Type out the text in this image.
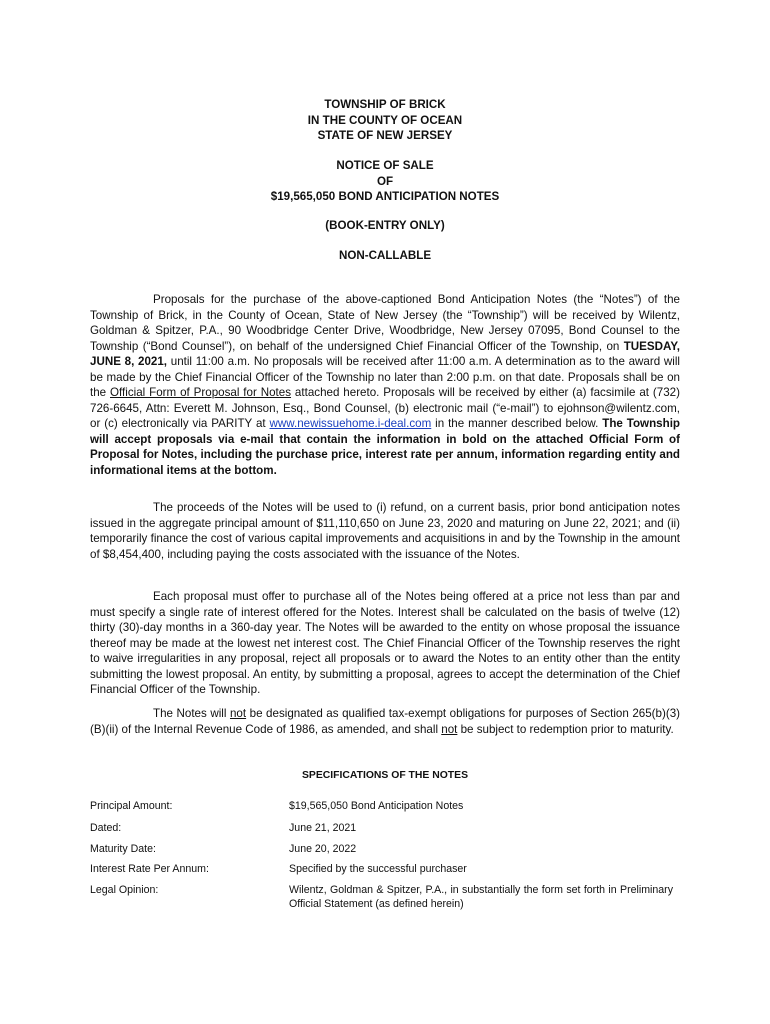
TOWNSHIP OF BRICK
IN THE COUNTY OF OCEAN
STATE OF NEW JERSEY
NOTICE OF SALE
OF
$19,565,050 BOND ANTICIPATION NOTES
(BOOK-ENTRY ONLY)
NON-CALLABLE

Proposals for the purchase of the above-captioned Bond Anticipation Notes (the “Notes”) of the Township of Brick, in the County of Ocean, State of New Jersey (the “Township”) will be received by Wilentz, Goldman & Spitzer, P.A., 90 Woodbridge Center Drive, Woodbridge, New Jersey 07095, Bond Counsel to the Township (“Bond Counsel”), on behalf of the undersigned Chief Financial Officer of the Township, on TUESDAY, JUNE 8, 2021, until 11:00 a.m. No proposals will be received after 11:00 a.m. A determination as to the award will be made by the Chief Financial Officer of the Township no later than 2:00 p.m. on that date. Proposals shall be on the Official Form of Proposal for Notes attached hereto. Proposals will be received by either (a) facsimile at (732) 726-6645, Attn: Everett M. Johnson, Esq., Bond Counsel, (b) electronic mail (“e-mail”) to ejohnson@wilentz.com, or (c) electronically via PARITY at www.newissuehome.i-deal.com in the manner described below. The Township will accept proposals via e-mail that contain the information in bold on the attached Official Form of Proposal for Notes, including the purchase price, interest rate per annum, information regarding entity and informational items at the bottom.

The proceeds of the Notes will be used to (i) refund, on a current basis, prior bond anticipation notes issued in the aggregate principal amount of $11,110,650 on June 23, 2020 and maturing on June 22, 2021; and (ii) temporarily finance the cost of various capital improvements and acquisitions in and by the Township in the amount of $8,454,400, including paying the costs associated with the issuance of the Notes.

Each proposal must offer to purchase all of the Notes being offered at a price not less than par and must specify a single rate of interest offered for the Notes. Interest shall be calculated on the basis of twelve (12) thirty (30)-day months in a 360-day year. The Notes will be awarded to the entity on whose proposal the issuance thereof may be made at the lowest net interest cost. The Chief Financial Officer of the Township reserves the right to waive irregularities in any proposal, reject all proposals or to award the Notes to an entity other than the entity submitting the lowest proposal. An entity, by submitting a proposal, agrees to accept the determination of the Chief Financial Officer of the Township.

The Notes will not be designated as qualified tax-exempt obligations for purposes of Section 265(b)(3)(B)(ii) of the Internal Revenue Code of 1986, as amended, and shall not be subject to redemption prior to maturity.

SPECIFICATIONS OF THE NOTES
Principal Amount:	$19,565,050 Bond Anticipation Notes
Dated:	June 21, 2021
Maturity Date:	June 20, 2022
Interest Rate Per Annum:	Specified by the successful purchaser
Legal Opinion:	Wilentz, Goldman & Spitzer, P.A., in substantially the form set forth in Preliminary Official Statement (as defined herein)
